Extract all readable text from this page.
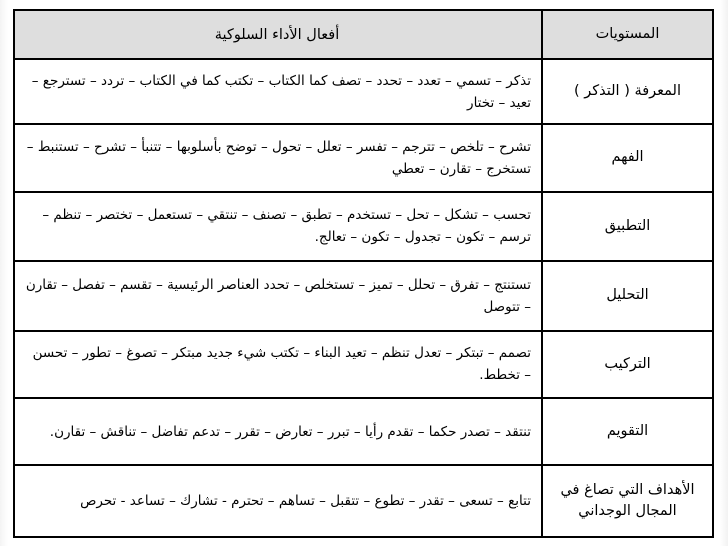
المستويات	أفعال الأداء السلوكية
المعرفة ( التذكر )	تذكر – تسمي – تعدد – تحدد – تصف كما الكتاب – تكتب كما في الكتاب – تردد – تسترجع – تعيد – تختار
الفهم	تشرح – تلخص – تترجم – تفسر – تعلل – تحول – توضح بأسلوبها – تتنبأ – تشرح – تستنبط – تستخرج – تقارن – تعطي
التطبيق	تحسب – تشكل – تحل – تستخدم – تطبق – تصنف – تنتقي – تستعمل – تختصر – تنظم – ترسم – تكون – تجدول – تكون – تعالج.
التحليل	تستنتج – تفرق – تحلل – تميز – تستخلص – تحدد العناصر الرئيسية – تقسم – تفصل – تقارن – تتوصل
التركيب	تصمم – تبتكر – تعدل تنظم – تعيد البناء – تكتب شيء جديد مبتكر – تصوغ – تطور – تحسن – تخطط.
التقويم	تنتقد – تصدر حكما – تقدم رأيا – تبرر – تعارض – تقرر – تدعم تفاضل – تناقش – تقارن.
الأهداف التي تصاغ في المجال الوجداني	تتابع – تسعى – تقدر – تطوع – تتقبل – تساهم – تحترم - تشارك – تساعد - تحرص
